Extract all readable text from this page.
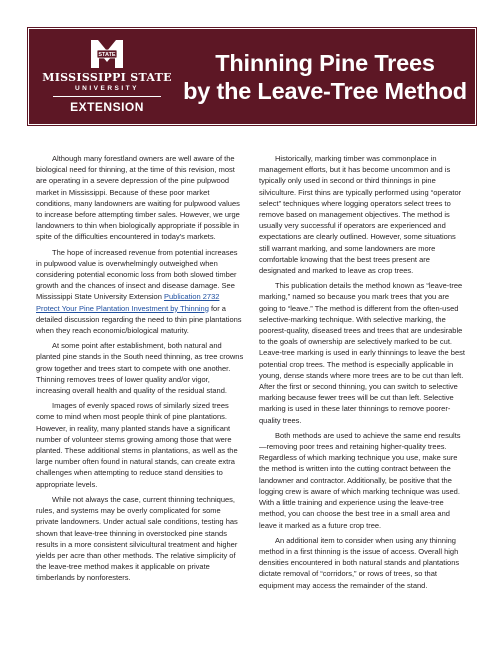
STATE
MISSISSIPPI STATE
UNIVERSITY
EXTENSION
Thinning Pine Trees
by the Leave-Tree Method

Although many forestland owners are well aware of the biological need for thinning, at the time of this revision, most are operating in a severe depression of the pine pulpwood market in Mississippi. Because of these poor market conditions, many landowners are waiting for pulpwood values to increase before attempting timber sales. However, we urge landowners to thin when biologically appropriate if possible in spite of the difficulties encountered in today's markets.

The hope of increased revenue from potential increases in pulpwood value is overwhelmingly outweighed when considering potential economic loss from both slowed timber growth and the chances of insect and disease damage. See Mississippi State University Extension Publication 2732 Protect Your Pine Plantation Investment by Thinning for a detailed discussion regarding the need to thin pine plantations when they reach economic/biological maturity.

At some point after establishment, both natural and planted pine stands in the South need thinning, as tree crowns grow together and trees start to compete with one another. Thinning removes trees of lower quality and/or vigor, increasing overall health and quality of the residual stand.

Images of evenly spaced rows of similarly sized trees come to mind when most people think of pine plantations. However, in reality, many planted stands have a significant number of volunteer stems growing among those that were planted. These additional stems in plantations, as well as the large number often found in natural stands, can create extra challenges when attempting to reduce stand densities to appropriate levels.

While not always the case, current thinning techniques, rules, and systems may be overly complicated for some private landowners. Under actual sale conditions, testing has shown that leave-tree thinning in overstocked pine stands results in a more consistent silvicultural treatment and higher yields per acre than other methods. The relative simplicity of the leave-tree method makes it applicable on private timberlands by nonforesters.

Historically, marking timber was commonplace in management efforts, but it has become uncommon and is typically only used in second or third thinnings in pine silviculture. First thins are typically performed using “operator select” techniques where logging operators select trees to remove based on management objectives. The method is usually very successful if operators are experienced and expectations are clearly outlined. However, some situations still warrant marking, and some landowners are more comfortable knowing that the best trees present are designated and marked to leave as crop trees.

This publication details the method known as “leave-tree marking,” named so because you mark trees that you are going to “leave.” The method is different from the often-used selective-marking technique. With selective marking, the poorest-quality, diseased trees and trees that are undesirable to the goals of ownership are selectively marked to be cut. Leave-tree marking is used in early thinnings to leave the best potential crop trees. The method is especially applicable in young, dense stands where more trees are to be cut than left. After the first or second thinning, you can switch to selective marking because fewer trees will be cut than left. Selective marking is used in these later thinnings to remove poorer-quality trees.

Both methods are used to achieve the same end results—removing poor trees and retaining higher-quality trees. Regardless of which marking technique you use, make sure the method is written into the cutting contract between the landowner and contractor. Additionally, be positive that the logging crew is aware of which marking technique was used. With a little training and experience using the leave-tree method, you can choose the best tree in a small area and leave it marked as a future crop tree.

An additional item to consider when using any thinning method in a first thinning is the issue of access. Overall high densities encountered in both natural stands and plantations dictate removal of “corridors,” or rows of trees, so that equipment may access the remainder of the stand.
